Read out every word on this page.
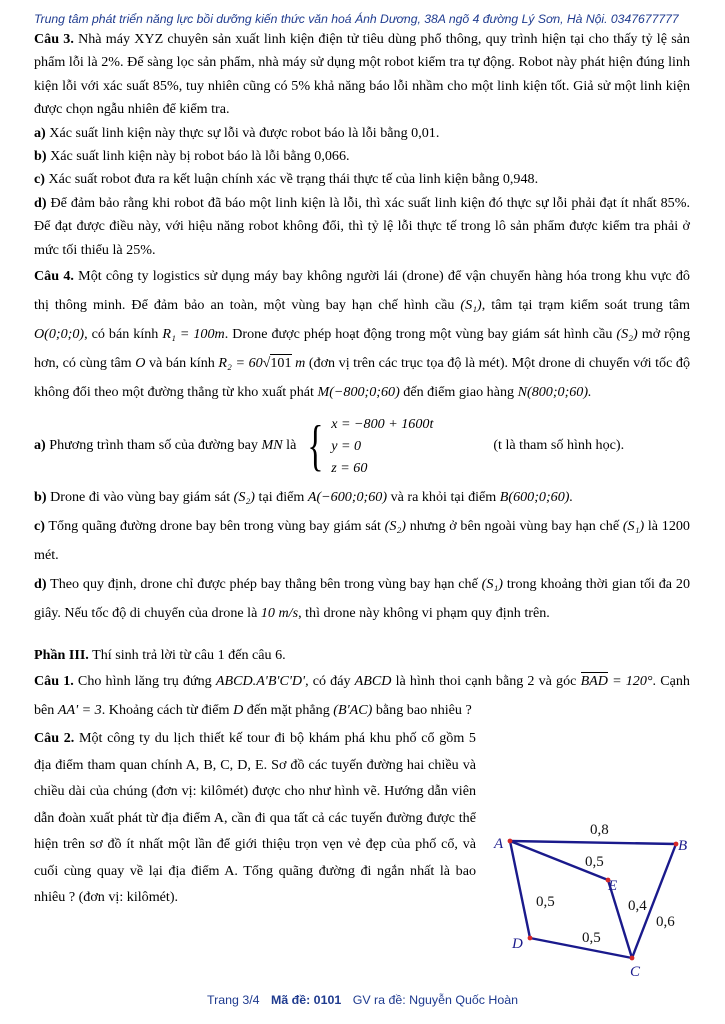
Trung tâm phát triển năng lực bồi dưỡng kiến thức văn hoá Ánh Dương, 38A ngõ 4 đường Lý Sơn, Hà Nội. 0347677777

Câu 3. Nhà máy XYZ chuyên sản xuất linh kiện điện tử tiêu dùng phổ thông, quy trình hiện tại cho thấy tỷ lệ sản phẩm lỗi là 2%. Để sàng lọc sản phẩm, nhà máy sử dụng một robot kiểm tra tự động. Robot này phát hiện đúng linh kiện lỗi với xác suất 85%, tuy nhiên cũng có 5% khả năng báo lỗi nhầm cho một linh kiện tốt. Giả sử một linh kiện được chọn ngẫu nhiên để kiểm tra.

a) Xác suất linh kiện này thực sự lỗi và được robot báo là lỗi bằng 0,01.

b) Xác suất linh kiện này bị robot báo là lỗi bằng 0,066.

c) Xác suất robot đưa ra kết luận chính xác về trạng thái thực tế của linh kiện bằng 0,948.

d) Để đảm bảo rằng khi robot đã báo một linh kiện là lỗi, thì xác suất linh kiện đó thực sự lỗi phải đạt ít nhất 85%. Để đạt được điều này, với hiệu năng robot không đổi, thì tỷ lệ lỗi thực tế trong lô sản phẩm được kiểm tra phải ở mức tối thiểu là 25%.

Câu 4. Một công ty logistics sử dụng máy bay không người lái (drone) để vận chuyển hàng hóa trong khu vực đô thị thông minh. Để đảm bảo an toàn, một vùng bay hạn chế hình cầu (S₁), tâm tại trạm kiểm soát trung tâm O(0;0;0), có bán kính R₁ = 100m. Drone được phép hoạt động trong một vùng bay giám sát hình cầu (S₂) mở rộng hơn, có cùng tâm O và bán kính R₂ = 60√101 m (đơn vị trên các trục tọa độ là mét). Một drone di chuyển với tốc độ không đổi theo một đường thẳng từ kho xuất phát M(−800;0;60) đến điểm giao hàng N(800;0;60).

a)
Phương trình tham số của đường bay
MN
là { x = −800 + 1600t
y = 0
z = 60
(t là tham số hình học).

b) Drone đi vào vùng bay giám sát (S₂) tại điểm A(−600;0;60) và ra khỏi tại điểm B(600;0;60).

c) Tổng quãng đường drone bay bên trong vùng bay giám sát (S₂) nhưng ở bên ngoài vùng bay hạn chế (S₁) là 1200 mét.

d) Theo quy định, drone chỉ được phép bay thẳng bên trong vùng bay hạn chế (S₁) trong khoảng thời gian tối đa 20 giây. Nếu tốc độ di chuyển của drone là 10 m/s, thì drone này không vi phạm quy định trên.

Phần III. Thí sinh trả lời từ câu 1 đến câu 6.

Câu 1. Cho hình lăng trụ đứng ABCD.A'B'C'D', có đáy ABCD là hình thoi cạnh bằng 2 và góc BAD = 120°. Cạnh bên AA' = 3. Khoảng cách từ điểm D đến mặt phẳng (B'AC) bằng bao nhiêu ?

Câu 2. Một công ty du lịch thiết kế tour đi bộ khám phá khu phố cổ gồm 5 địa điểm tham quan chính A, B, C, D, E. Sơ đồ các tuyến đường hai chiều và chiều dài của chúng (đơn vị: kilômét) được cho như hình vẽ. Hướng dẫn viên dẫn đoàn xuất phát từ địa điểm A, cần đi qua tất cả các tuyến đường được thể hiện trên sơ đồ ít nhất một lần để giới thiệu trọn vẹn vẻ đẹp của phố cổ, và cuối cùng quay về lại địa điểm A. Tổng quãng đường đi ngắn nhất là bao nhiêu ? (đơn vị: kilômét).

0,8
0,5
0,5	0,4
0,6
0,5
A	B
C
D
E
Trang 3/4 Mã đề: 0101 GV ra đề: Nguyễn Quốc Hoàn
